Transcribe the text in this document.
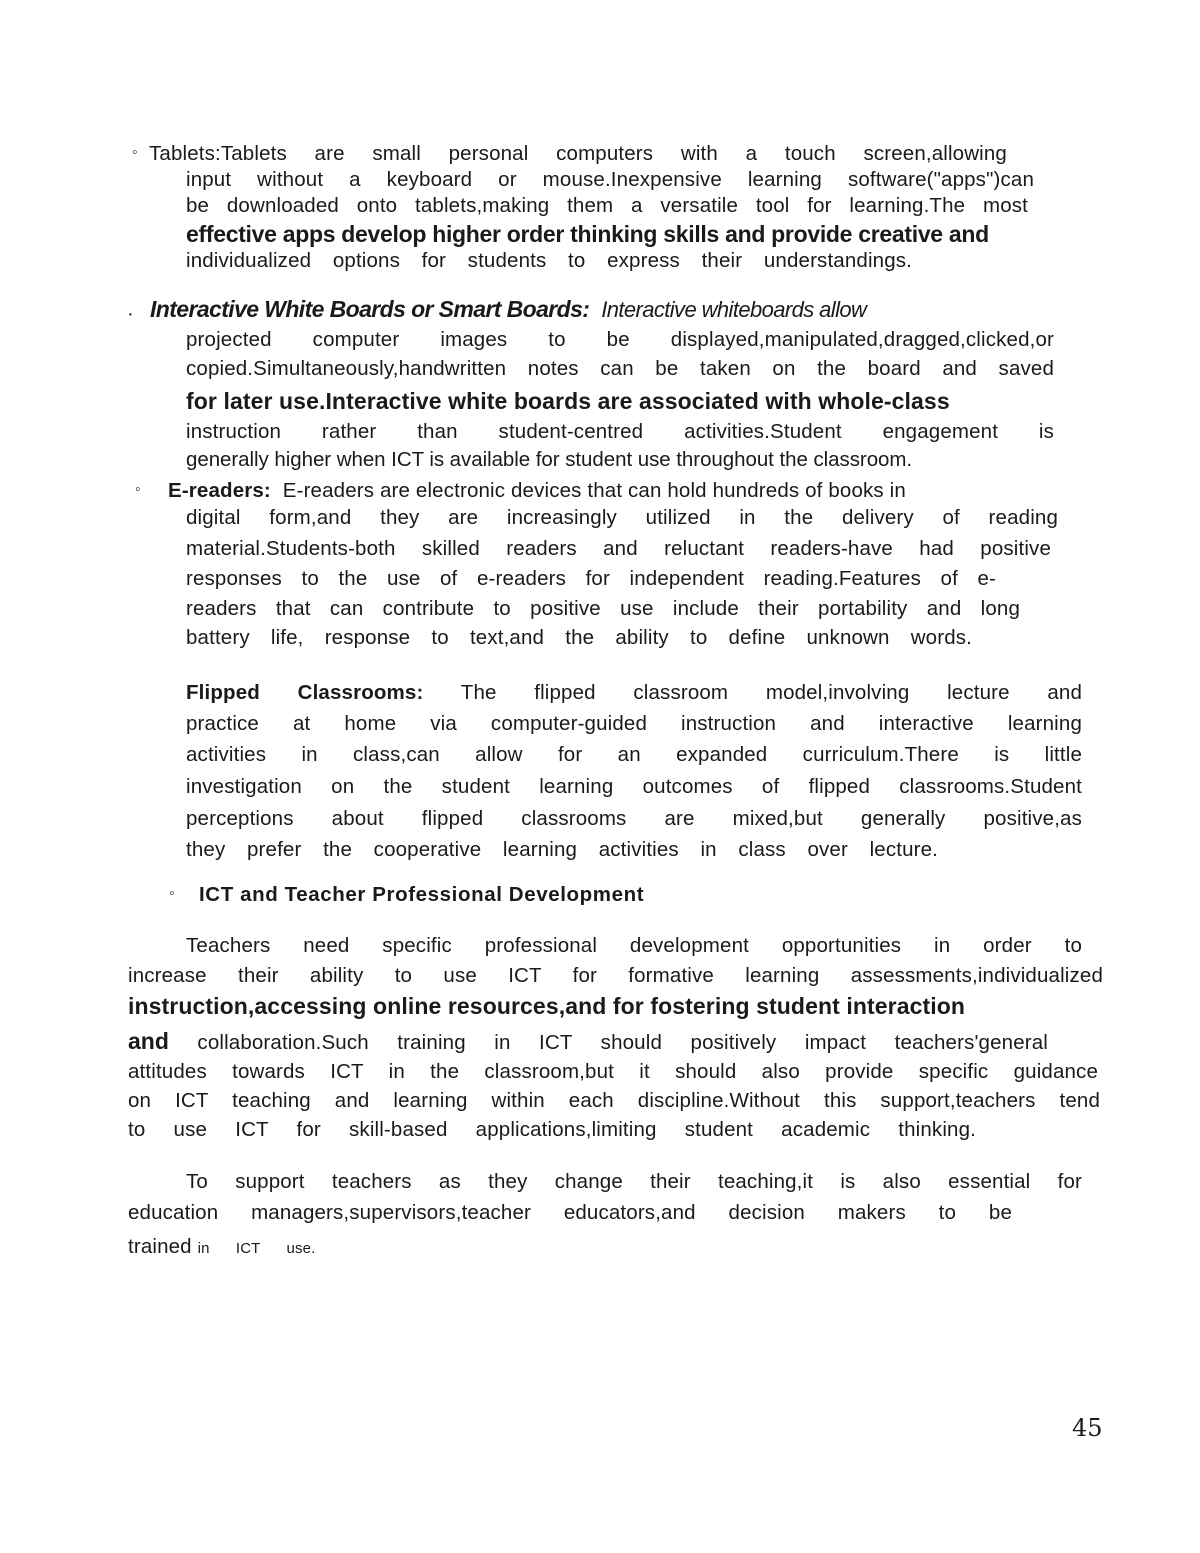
◦ Tablets:Tablets are small personal computers with a touch screen,allowing
input without a keyboard or mouse.Inexpensive learning software("apps")can
be downloaded onto tablets,making them a versatile tool for learning.The most
effective apps develop higher order thinking skills and provide creative and
individualized options for students to express their understandings.
· Interactive White Boards or Smart Boards: Interactive whiteboards allow
projected computer images to be displayed,manipulated,dragged,clicked,or
copied.Simultaneously,handwritten notes can be taken on the board and saved
for later use.Interactive white boards are associated with whole-class
instruction rather than student-centred activities.Student engagement is
generally higher when ICT is available for student use throughout the classroom.
◦ E-readers: E-readers are electronic devices that can hold hundreds of books in
digital form,and they are increasingly utilized in the delivery of reading
material.Students-both skilled readers and reluctant readers-have had positive
responses to the use of e-readers for independent reading.Features of e-
readers that can contribute to positive use include their portability and long
battery life, response to text,and the ability to define unknown words.
Flipped Classrooms: The flipped classroom model,involving lecture and
practice at home via computer-guided instruction and interactive learning
activities in class,can allow for an expanded curriculum.There is little
investigation on the student learning outcomes of flipped classrooms.Student
perceptions about flipped classrooms are mixed,but generally positive,as
they prefer the cooperative learning activities in class over lecture.
◦ ICT and Teacher Professional Development
Teachers need specific professional development opportunities in order to
increase their ability to use ICT for formative learning assessments,individualized
instruction,accessing online resources,and for fostering student interaction
and collaboration.Such training in ICT should positively impact teachers'general
attitudes towards ICT in the classroom,but it should also provide specific guidance
on ICT teaching and learning within each discipline.Without this support,teachers tend
to use ICT for skill-based applications,limiting student academic thinking.
To support teachers as they change their teaching,it is also essential for
education managers,supervisors,teacher educators,and decision makers to be
trained in ICT use.
45
